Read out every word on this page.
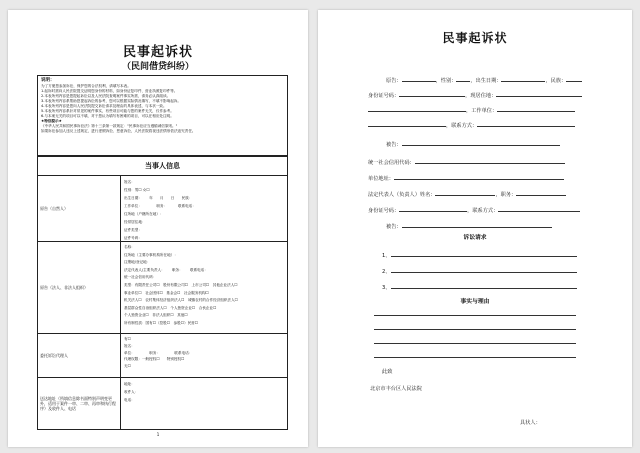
民事起诉状
（民间借贷纠纷）
说明：
为了方便您参加诉讼，保护您的合法权利，请填写本表。
1.起诉时需向人民法院提交证明您身份的材料，如身份证复印件、营业执照复印件等。
2.本表所列内容是您提起诉讼以及人民法院查明案件事实所需，请务必认真阅读。
3.本表所列内容系帮助您提起诉讼的参考，您可以根据实际情况填写，不填不影响起诉。
4.本表所列内容是您向人民法院提交诉讼请求及理由的具体表述，与本状一致。
5.本表所列内容系针对常见的案件事实，有些项目可能与您的案件无关，仅作参考。
6.与本案无关的项目可以不填，对于您认为填写有困难的项目，可以在相应处注明。
★特别提示★
《中华人民共和国民事诉讼法》第十三条第一款规定："民事诉讼应当遵循诚信原则。"
如果诉讼参加人违反上述规定，进行虚假诉讼、恶意诉讼，人民法院将视违法情形依法追究责任。
当事人信息
原告（自然人）
姓名：
性别：男☐ 女☐
出生日期：　　年　　月　　日　　民族：
工作单位：　　　　职务：　　　联系电话：
住所地（户籍所在地）：
经常居住地：
证件类型：
证件号码：
原告（法人、非法人组织）
名称：
住所地（主要办事机构所在地）：
注册地/登记地：
法定代表人/主要负责人：　　职务：　　联系电话：
统一社会信用代码：
类型：有限责任公司☐　股份有限公司☐　上市公司☐　其他企业法人☐
事业单位☐　社会团体☐　基金会☐　社会服务机构☐
机关法人☐　农村集体经济组织法人☐　城镇农村的合作经济组织法人☐
基层群众性自治组织法人☐　个人独资企业☐　合伙企业☐
个人独资企业☐　非法人组织☐　其他☐
所有制性质：国有☐（控股☐　参股☐）民营☐
委托诉讼代理人
有☐
姓名：
单位：　　　　职务：　　　　联系电话：
代理权限：一般授权☐　　特别授权☐
无☐
送达地址（所填信息除书面特别声明变更外，适用于案件一审、二审、再审和执行程序）及收件人、电话
地址：
收件人：
电话：
1
民事起诉状
原告：	，性别：	，出生日期：	，民族：
身份证号码：	，现居住地：
，工作单位：
，联系方式：
被告：
统一社会信用代码：
单位地址：
法定代表人（负责人）姓名：	，职务：
身份证号码：	，联系方式：
被告：
诉讼请求
1、
2、
3、
事实与理由
此致
北京市丰台区人民法院
具状人：
